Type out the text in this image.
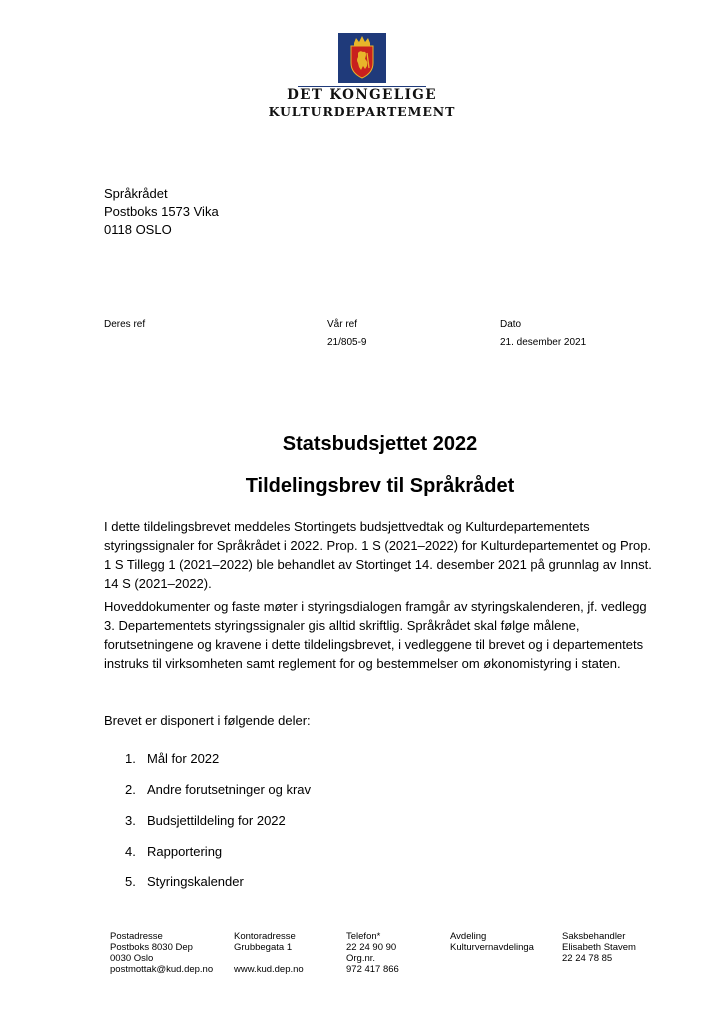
DET KONGELIGE
KULTURDEPARTEMENT
Språkrådet
Postboks 1573 Vika
0118 OSLO
Deres ref	Vår ref
21/805-9
Dato
21. desember 2021
Statsbudsjettet 2022
Tildelingsbrev til Språkrådet

I dette tildelingsbrevet meddeles Stortingets budsjettvedtak og Kulturdepartementets styringssignaler for Språkrådet i 2022. Prop. 1 S (2021–2022) for Kulturdepartementet og Prop. 1 S Tillegg 1 (2021–2022) ble behandlet av Stortinget 14. desember 2021 på grunnlag av Innst. 14 S (2021–2022).

Hoveddokumenter og faste møter i styringsdialogen framgår av styringskalenderen, jf. vedlegg 3. Departementets styringssignaler gis alltid skriftlig. Språkrådet skal følge målene, forutsetningene og kravene i dette tildelingsbrevet, i vedleggene til brevet og i departementets instruks til virksomheten samt reglement for og bestemmelser om økonomistyring i staten.

Brevet er disponert i følgende deler:

1. Mål for 2022
2. Andre forutsetninger og krav
3. Budsjettildeling for 2022
4. Rapportering
5. Styringskalender
Postadresse
Postboks 8030 Dep
0030 Oslo
postmottak@kud.dep.no
Kontoradresse
Grubbegata 1
www.kud.dep.no
Telefon*
22 24 90 90
Org.nr.
972 417 866
Avdeling
Kulturvernavdelinga
Saksbehandler
Elisabeth Stavem
22 24 78 85
